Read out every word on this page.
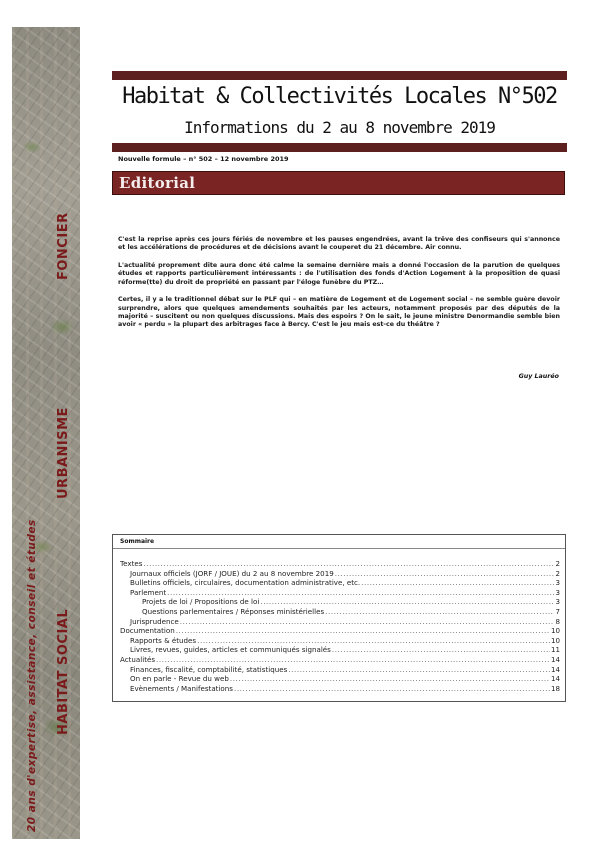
FONCIER
URBANISME
HABITAT SOCIAL
20 ans d'expertise, assistance, conseil et études
Habitat & Collectivités Locales N°502
Informations du 2 au 8 novembre 2019
Nouvelle formule – n° 502 – 12 novembre 2019
Editorial

C'est la reprise après ces jours fériés de novembre et les pauses engendrées, avant la trêve des confiseurs qui s'annonce et les accélérations de procédures et de décisions avant le couperet du 21 décembre. Air connu.

L'actualité proprement dite aura donc été calme la semaine dernière mais a donné l'occasion de la parution de quelques études et rapports particulièrement intéressants : de l'utilisation des fonds d'Action Logement à la proposition de quasi réforme(tte) du droit de propriété en passant par l'éloge funèbre du PTZ…

Certes, il y a le traditionnel débat sur le PLF qui – en matière de Logement et de Logement social – ne semble guère devoir surprendre, alors que quelques amendements souhaités par les acteurs, notamment proposés par des députés de la majorité – suscitent ou non quelques discussions. Mais des espoirs ? On le sait, le jeune ministre Denormandie semble bien avoir « perdu » la plupart des arbitrages face à Bercy. C'est le jeu mais est-ce du théâtre ?

Guy Lauréo
Sommaire
Textes .....	2
Journaux officiels (JORF / JOUE) du 2 au 8 novembre 2019 .....	2
Bulletins officiels, circulaires, documentation administrative, etc. .....	3
Parlement .....	3
Projets de loi / Propositions de loi .....	3
Questions parlementaires / Réponses ministérielles .....	7
Jurisprudence .....	8
Documentation .....	10
Rapports & études .....	10
Livres, revues, guides, articles et communiqués signalés .....	11
Actualités .....	14
Finances, fiscalité, comptabilité, statistiques .....	14
On en parle - Revue du web .....	14
Evènements / Manifestations .....	18
